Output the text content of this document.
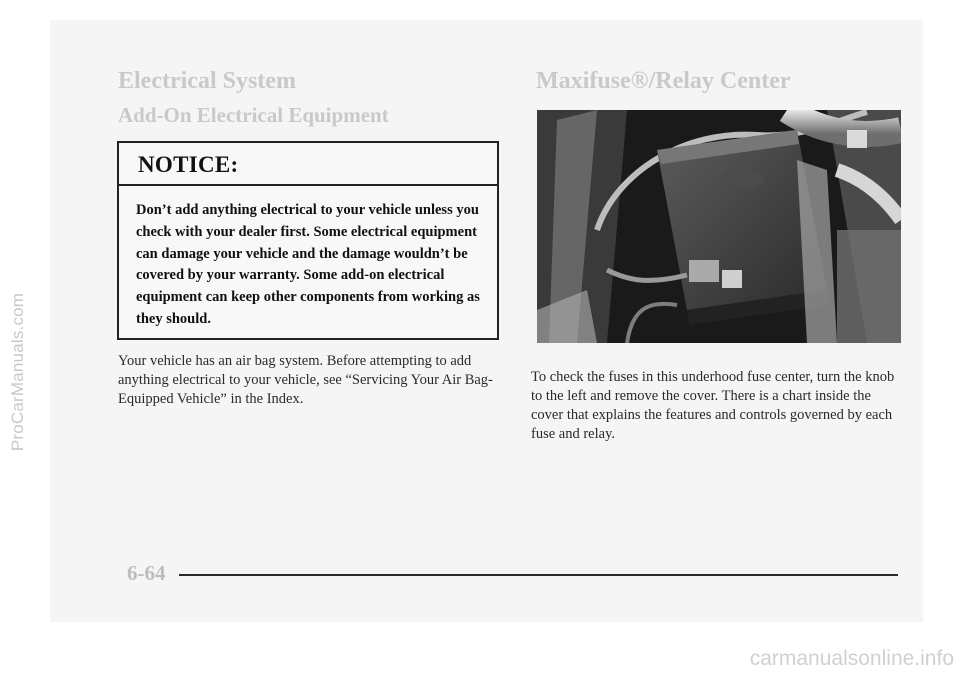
ProCarManuals.com
Electrical System
Add-On Electrical Equipment
NOTICE:
Don’t add anything electrical to your vehicle unless you check with your dealer first. Some electrical equipment can damage your vehicle and the damage wouldn’t be covered by your warranty. Some add-on electrical equipment can keep other components from working as they should.

Your vehicle has an air bag system. Before attempting to add anything electrical to your vehicle, see “Servicing Your Air Bag-Equipped Vehicle” in the Index.

Maxifuse®/Relay Center

To check the fuses in this underhood fuse center, turn the knob to the left and remove the cover. There is a chart inside the cover that explains the features and controls governed by each fuse and relay.

6-64

carmanualsonline.info
